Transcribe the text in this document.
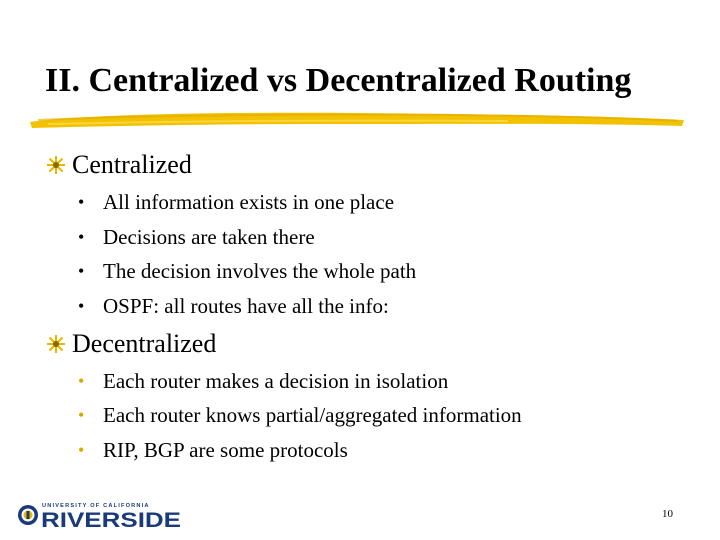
II. Centralized vs Decentralized Routing
Centralized
• All information exists in one place
• Decisions are taken there
• The decision involves the whole path
• OSPF: all routes have all the info:
Decentralized
• Each router makes a decision in isolation
• Each router knows partial/aggregated information
• RIP, BGP are some protocols
UNIVERSITY OF CALIFORNIA
RIVERSIDE	10
